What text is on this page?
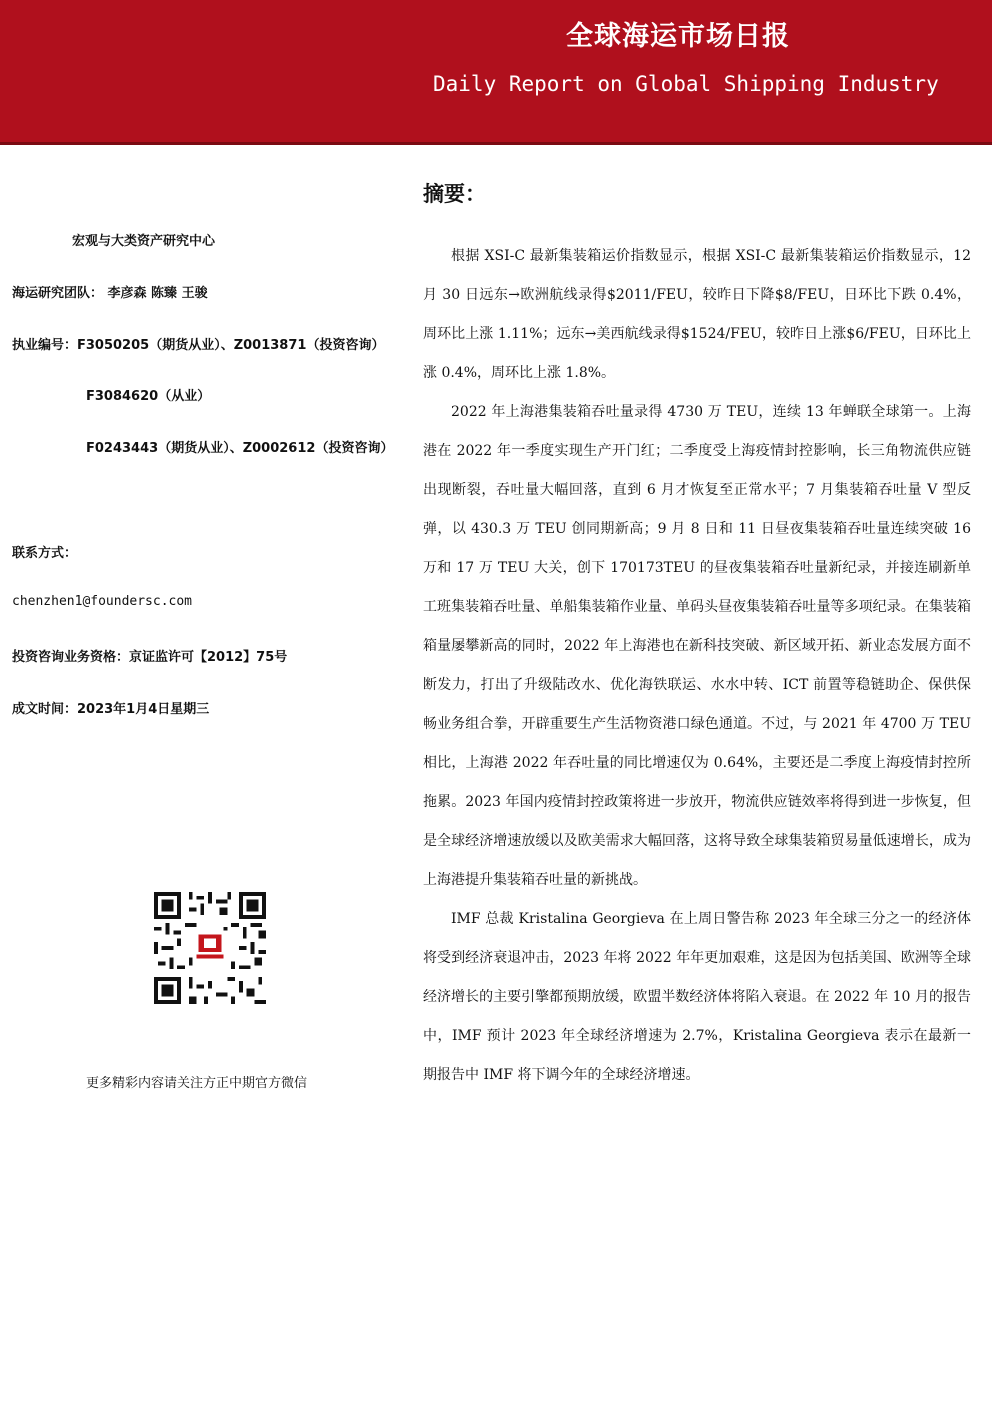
全球海运市场日报
Daily Report on Global Shipping Industry
宏观与大类资产研究中心
海运研究团队： 李彦森 陈臻 王骏
执业编号：F3050205（期货从业）、Z0013871（投资咨询）
F3084620（从业）
F0243443（期货从业）、Z0002612（投资咨询）
联系方式：
chenzhen1@foundersc.com
投资咨询业务资格：京证监许可【2012】75号
成文时间：2023年1月4日星期三
更多精彩内容请关注方正中期官方微信
摘要：

根据 XSI-C 最新集装箱运价指数显示，根据 XSI-C 最新集装箱运价指数显示，12 月 30 日远东→欧洲航线录得$2011/FEU，较昨日下降$8/FEU，日环比下跌 0.4%，周环比上涨 1.11%；远东→美西航线录得$1524/FEU，较昨日上涨$6/FEU，日环比上涨 0.4%，周环比上涨 1.8%。

2022 年上海港集装箱吞吐量录得 4730 万 TEU，连续 13 年蝉联全球第一。上海港在 2022 年一季度实现生产开门红；二季度受上海疫情封控影响，长三角物流供应链出现断裂，吞吐量大幅回落，直到 6 月才恢复至正常水平；7 月集装箱吞吐量 V 型反弹，以 430.3 万 TEU 创同期新高；9 月 8 日和 11 日昼夜集装箱吞吐量连续突破 16 万和 17 万 TEU 大关，创下 170173TEU 的昼夜集装箱吞吐量新纪录，并接连刷新单工班集装箱吞吐量、单船集装箱作业量、单码头昼夜集装箱吞吐量等多项纪录。在集装箱箱量屡攀新高的同时，2022 年上海港也在新科技突破、新区域开拓、新业态发展方面不断发力，打出了升级陆改水、优化海铁联运、水水中转、ICT 前置等稳链助企、保供保畅业务组合拳，开辟重要生产生活物资港口绿色通道。不过，与 2021 年 4700 万 TEU 相比，上海港 2022 年吞吐量的同比增速仅为 0.64%，主要还是二季度上海疫情封控所拖累。2023 年国内疫情封控政策将进一步放开，物流供应链效率将得到进一步恢复，但是全球经济增速放缓以及欧美需求大幅回落，这将导致全球集装箱贸易量低速增长，成为上海港提升集装箱吞吐量的新挑战。

IMF 总裁 Kristalina Georgieva 在上周日警告称 2023 年全球三分之一的经济体将受到经济衰退冲击，2023 年将 2022 年年更加艰难，这是因为包括美国、欧洲等全球经济增长的主要引擎都预期放缓，欧盟半数经济体将陷入衰退。在 2022 年 10 月的报告中，IMF 预计 2023 年全球经济增速为 2.7%，Kristalina Georgieva 表示在最新一期报告中 IMF 将下调今年的全球经济增速。
